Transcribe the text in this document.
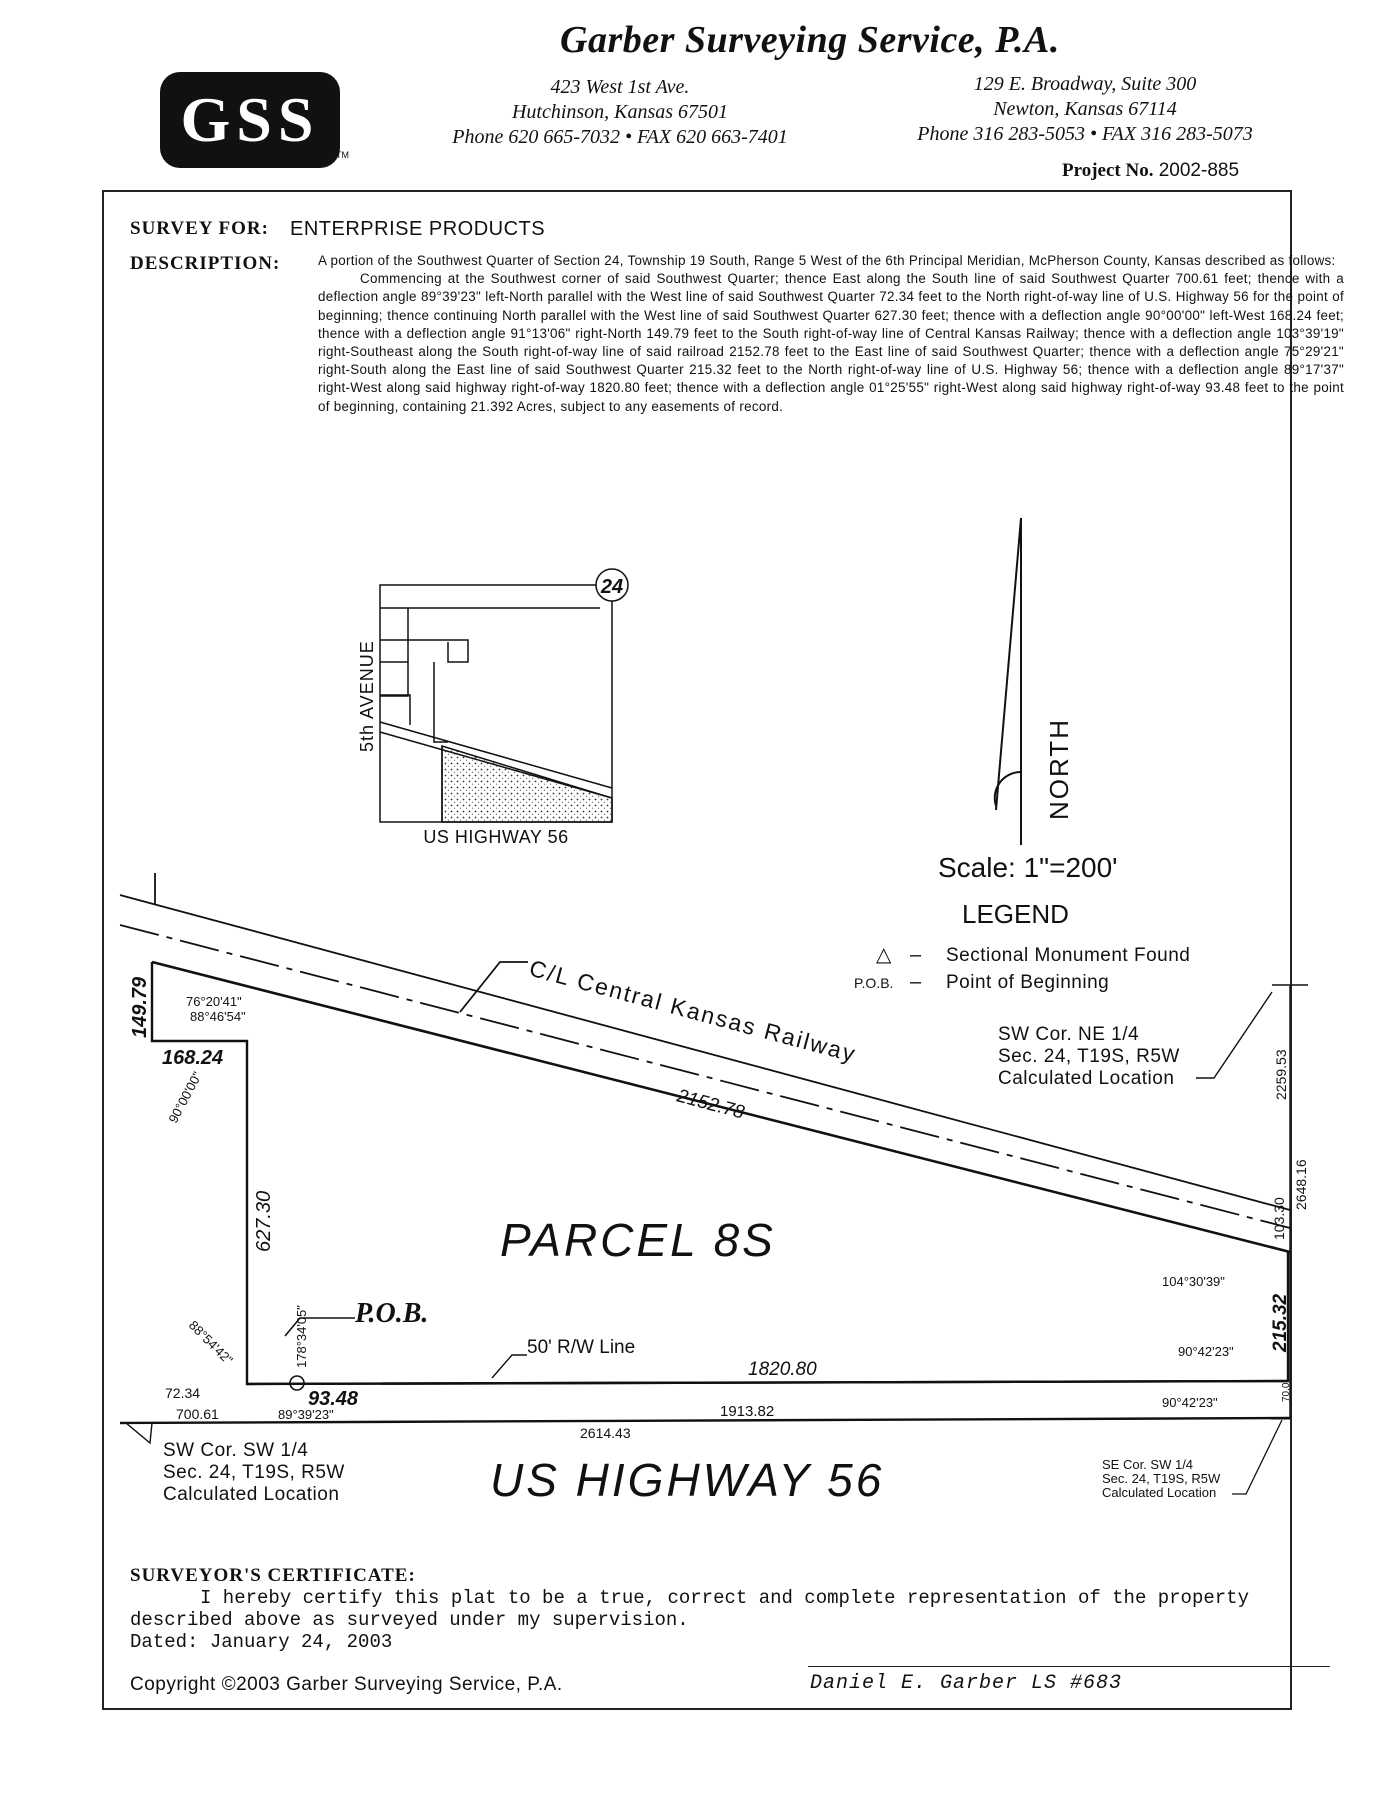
Garber Surveying Service, P.A.
GSS	TM
423 West 1st Ave.
Hutchinson, Kansas 67501
Phone 620 665-7032 • FAX 620 663-7401
129 E. Broadway, Suite 300
Newton, Kansas 67114
Phone 316 283-5053 • FAX 316 283-5073
Project No. 2002-885
SURVEY FOR: ENTERPRISE PRODUCTS
DESCRIPTION:	A portion of the Southwest Quarter of Section 24, Township 19 South, Range 5 West of the 6th Principal Meridian, McPherson County, Kansas described as follows:

Commencing at the Southwest corner of said Southwest Quarter; thence East along the South line of said Southwest Quarter 700.61 feet; thence with a deflection angle 89°39'23" left-North parallel with the West line of said Southwest Quarter 72.34 feet to the North right-of-way line of U.S. Highway 56 for the point of beginning; thence continuing North parallel with the West line of said Southwest Quarter 627.30 feet; thence with a deflection angle 90°00'00" left-West 168.24 feet; thence with a deflection angle 91°13'06" right-North 149.79 feet to the South right-of-way line of Central Kansas Railway; thence with a deflection angle 103°39'19" right-Southeast along the South right-of-way line of said railroad 2152.78 feet to the East line of said Southwest Quarter; thence with a deflection angle 75°29'21" right-South along the East line of said Southwest Quarter 215.32 feet to the North right-of-way line of U.S. Highway 56; thence with a deflection angle 89°17'37" right-West along said highway right-of-way 1820.80 feet; thence with a deflection angle 01°25'55" right-West along said highway right-of-way 93.48 feet to the point of beginning, containing 21.392 Acres, subject to any easements of record.

24
5th AVENUE
US HIGHWAY 56
NORTH
Scale: 1"=200'
LEGEND
△ – Sectional Monument Found
P.O.B. – Point of Beginning
C/L Central Kansas Railway
P.O.B.
50' R/W Line
PARCEL 8S
US HIGHWAY 56
149.79
168.24
627.30
2152.78
1820.80
93.48
72.34
700.61	1913.82
2614.43
215.32
103.30
2259.53
2648.16
70.0
76°20'41"
88°46'54"
90°00'00"
88°54'42"	178°34'05"
89°39'23"
104°30'39"
90°42'23"
90°42'23"
SW Cor. NE 1/4
Sec. 24, T19S, R5W
Calculated Location
SW Cor. SW 1/4
Sec. 24, T19S, R5W
Calculated Location
SE Cor. SW 1/4
Sec. 24, T19S, R5W
Calculated Location
SURVEYOR'S CERTIFICATE:
I hereby certify this plat to be a true, correct and complete representation of the property
described above as surveyed under my supervision.
Dated: January 24, 2003
Copyright ©2003 Garber Surveying Service, P.A.	Daniel E. Garber LS #683
